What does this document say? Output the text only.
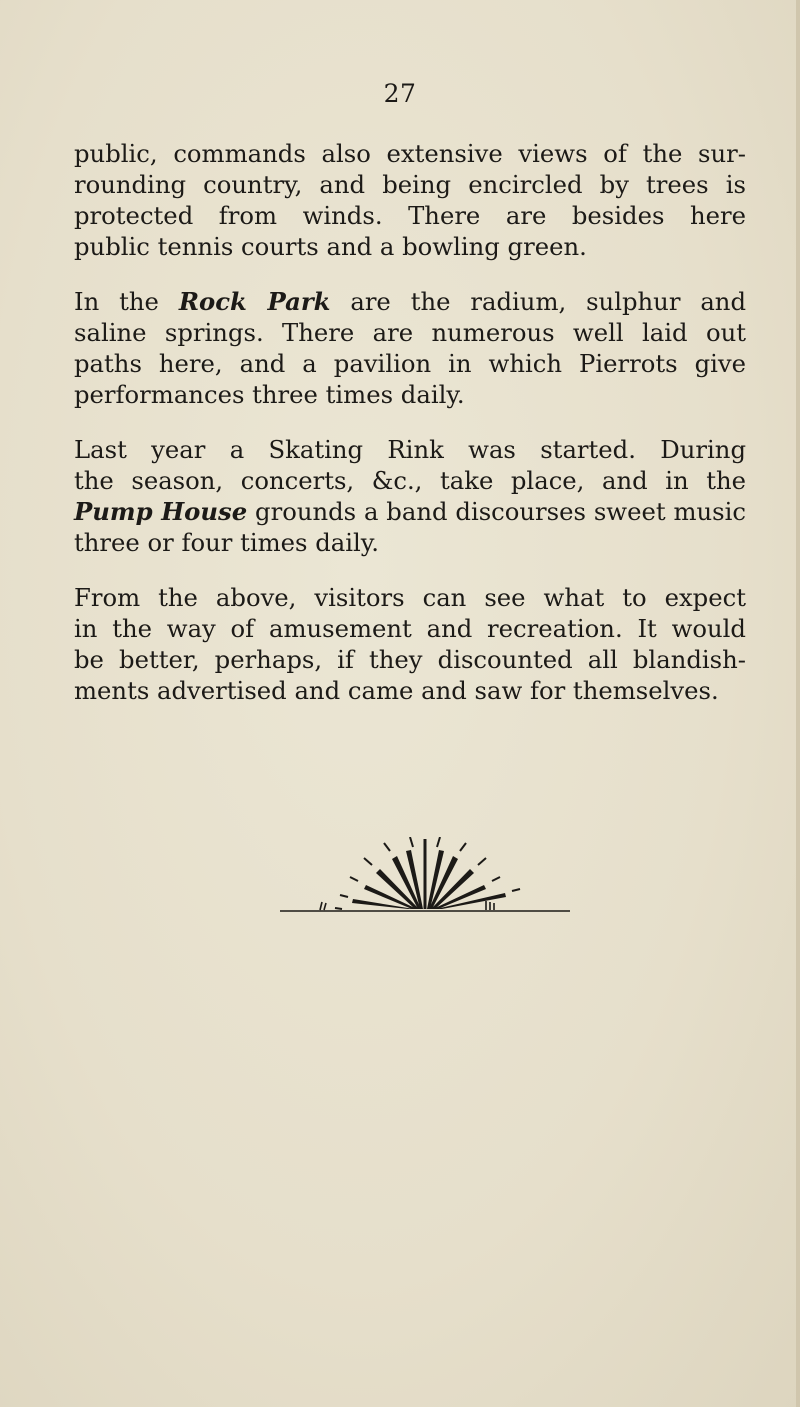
27

public, commands also extensive views of the sur-
rounding country, and being encircled by trees is
protected from winds. There are besides here
public tennis courts and a bowling green.

In the Rock Park are the radium, sulphur and
saline springs. There are numerous well laid out
paths here, and a pavilion in which Pierrots give
performances three times daily.

Last year a Skating Rink was started. During
the season, concerts, &c., take place, and in the
Pump House grounds a band discourses sweet music
three or four times daily.

From the above, visitors can see what to expect
in the way of amusement and recreation. It would
be better, perhaps, if they discounted all blandish-
ments advertised and came and saw for themselves.
